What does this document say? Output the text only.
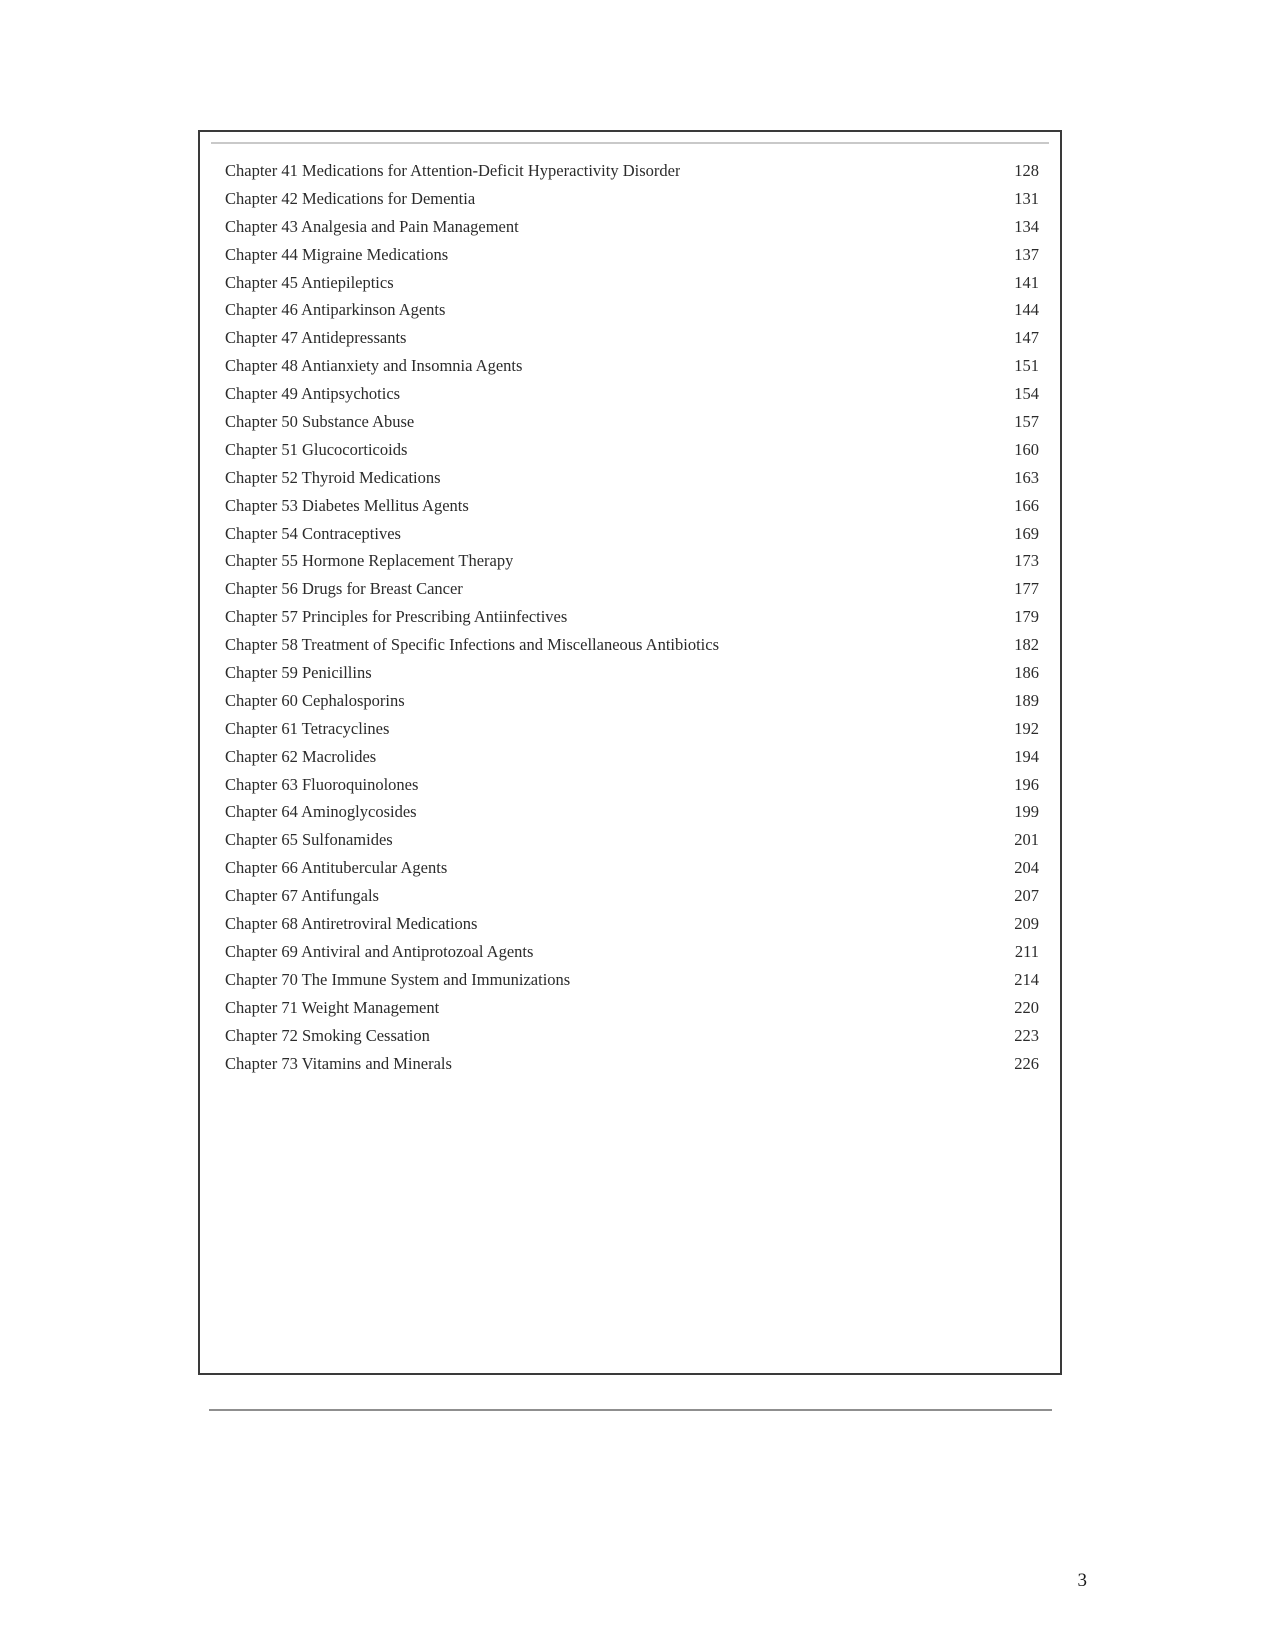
Chapter 41 Medications for Attention-Deficit Hyperactivity Disorder	128
Chapter 42 Medications for Dementia	131
Chapter 43 Analgesia and Pain Management	134
Chapter 44 Migraine Medications	137
Chapter 45 Antiepileptics	141
Chapter 46 Antiparkinson Agents	144
Chapter 47 Antidepressants	147
Chapter 48 Antianxiety and Insomnia Agents	151
Chapter 49 Antipsychotics	154
Chapter 50 Substance Abuse	157
Chapter 51 Glucocorticoids	160
Chapter 52 Thyroid Medications	163
Chapter 53 Diabetes Mellitus Agents	166
Chapter 54 Contraceptives	169
Chapter 55 Hormone Replacement Therapy	173
Chapter 56 Drugs for Breast Cancer	177
Chapter 57 Principles for Prescribing Antiinfectives	179
Chapter 58 Treatment of Specific Infections and Miscellaneous Antibiotics	182
Chapter 59 Penicillins	186
Chapter 60 Cephalosporins	189
Chapter 61 Tetracyclines	192
Chapter 62 Macrolides	194
Chapter 63 Fluoroquinolones	196
Chapter 64 Aminoglycosides	199
Chapter 65 Sulfonamides	201
Chapter 66 Antitubercular Agents	204
Chapter 67 Antifungals	207
Chapter 68 Antiretroviral Medications	209
Chapter 69 Antiviral and Antiprotozoal Agents	211
Chapter 70 The Immune System and Immunizations	214
Chapter 71 Weight Management	220
Chapter 72 Smoking Cessation	223
Chapter 73 Vitamins and Minerals	226
3
